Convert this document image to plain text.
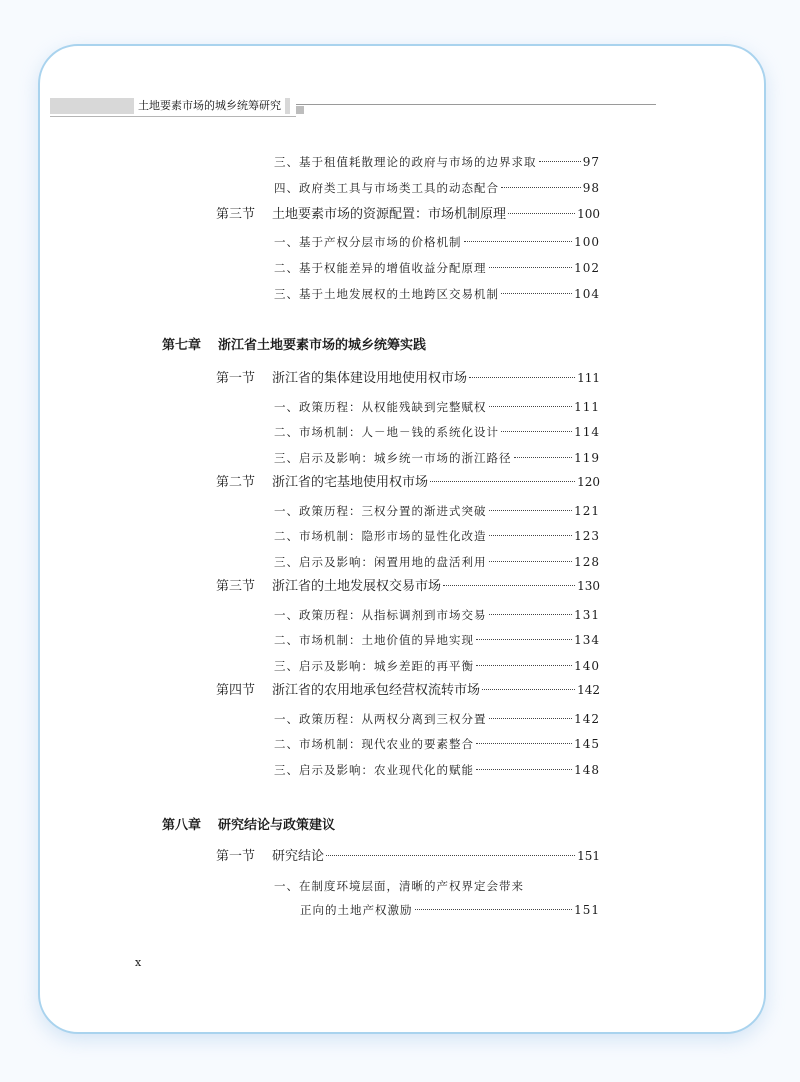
土地要素市场的城乡统筹研究
三、基于租值耗散理论的政府与市场的边界求取	97
四、政府类工具与市场类工具的动态配合	98
第三节 土地要素市场的资源配置：市场机制原理	100
一、基于产权分层市场的价格机制	100
二、基于权能差异的增值收益分配原理	102
三、基于土地发展权的土地跨区交易机制	104
第七章 浙江省土地要素市场的城乡统筹实践
第一节 浙江省的集体建设用地使用权市场	111
一、政策历程：从权能残缺到完整赋权	111
二、市场机制：人－地－钱的系统化设计	114
三、启示及影响：城乡统一市场的浙江路径	119
第二节 浙江省的宅基地使用权市场	120
一、政策历程：三权分置的渐进式突破	121
二、市场机制：隐形市场的显性化改造	123
三、启示及影响：闲置用地的盘活利用	128
第三节 浙江省的土地发展权交易市场	130
一、政策历程：从指标调剂到市场交易	131
二、市场机制：土地价值的异地实现	134
三、启示及影响：城乡差距的再平衡	140
第四节 浙江省的农用地承包经营权流转市场	142
一、政策历程：从两权分离到三权分置	142
二、市场机制：现代农业的要素整合	145
三、启示及影响：农业现代化的赋能	148
第八章 研究结论与政策建议
第一节 研究结论	151
一、在制度环境层面，清晰的产权界定会带来
正向的土地产权激励	151
x
